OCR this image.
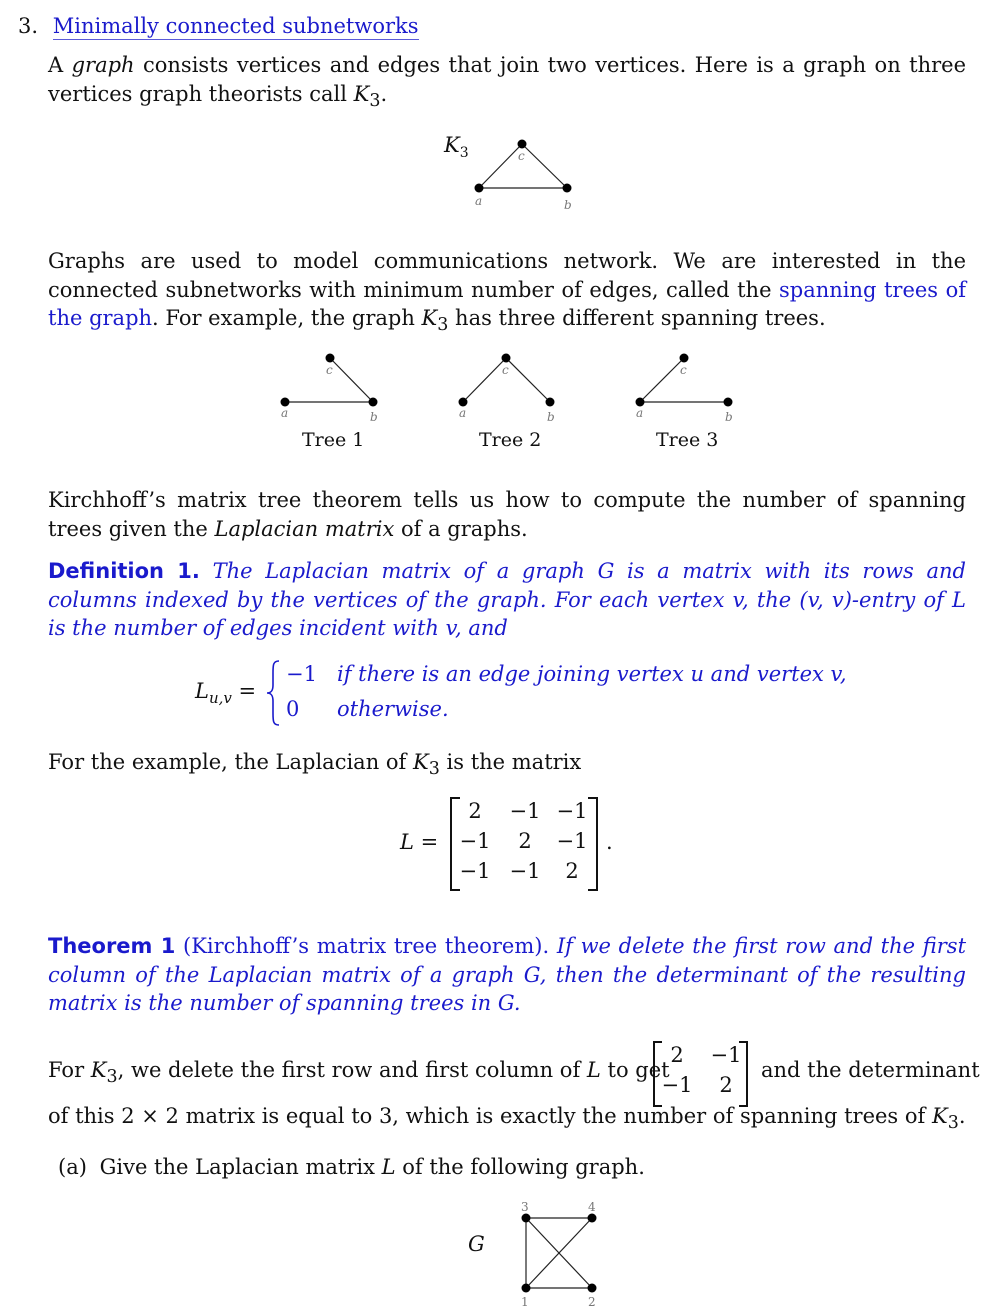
3. Minimally connected subnetworks
A graph consists vertices and edges that join two vertices. Here is a graph on three vertices graph theorists call $K_3$.
$K_3$	c
a	b
Graphs are used to model communications network. We are interested in the connected subnetworks with minimum number of edges, called the spanning trees of the graph. For example, the graph $K_3$ has three different spanning trees.
c
a	b
c
a	b
c
a	b
Tree 1	Tree 2	Tree 3
Kirchhoff’s matrix tree theorem tells us how to compute the number of spanning trees given the Laplacian matrix of a graphs.
Definition 1. The Laplacian matrix of a graph G is a matrix with its rows and columns indexed by the vertices of the graph. For each vertex v, the (v, v)-entry of L is the number of edges incident with v, and
$L_{u,v}$ =
−1 if there is an edge joining vertex u and vertex v,
0 otherwise.
For the example, the Laplacian of $K_3$ is the matrix
L =
2	−1 −1
−1	2	−1
−1 −1	2
.
Theorem 1 (Kirchhoff’s matrix tree theorem). If we delete the first row and the first column of the Laplacian matrix of a graph G, then the determinant of the resulting matrix is the number of spanning trees in G.
For $K_3$, we delete the first row and first column of L to get
2	−1
−1	2
and the determinant
of this 2 × 2 matrix is equal to 3, which is exactly the number of spanning trees of $K_3$.
(a) Give the Laplacian matrix L of the following graph.
G
3	4
1	2
